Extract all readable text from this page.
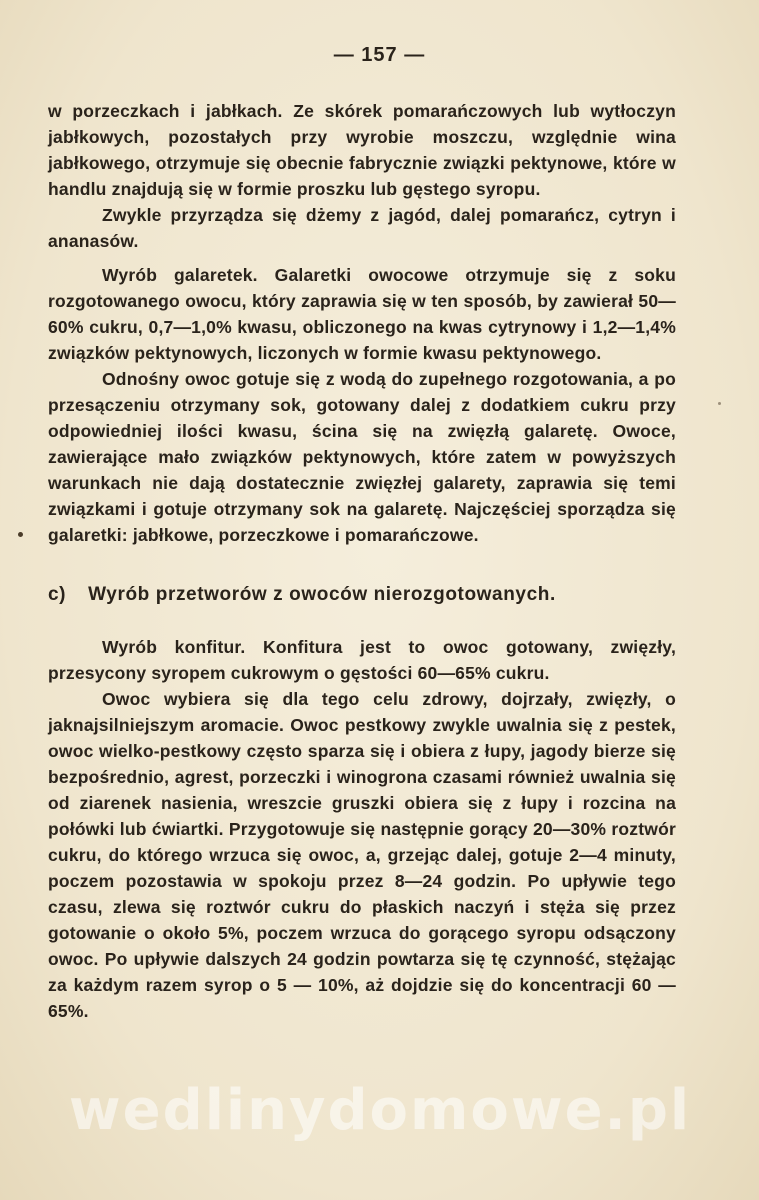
— 157 —

w porzeczkach i jabłkach. Ze skórek pomarańczowych lub wytłoczyn jabłkowych, pozostałych przy wyrobie moszczu, względnie wina jabłkowego, otrzymuje się obecnie fabrycznie związki pektynowe, które w handlu znajdują się w formie proszku lub gęstego syropu.

Zwykle przyrządza się dżemy z jagód, dalej pomarańcz, cytryn i ananasów.

Wyrób galaretek. Galaretki owocowe otrzymuje się z soku rozgotowanego owocu, który zaprawia się w ten sposób, by zawierał 50—60% cukru, 0,7—1,0% kwasu, obliczonego na kwas cytrynowy i 1,2—1,4% związków pektynowych, liczonych w formie kwasu pektynowego.

Odnośny owoc gotuje się z wodą do zupełnego rozgotowania, a po przesączeniu otrzymany sok, gotowany dalej z dodatkiem cukru przy odpowiedniej ilości kwasu, ścina się na zwięzłą galaretę. Owoce, zawierające mało związków pektynowych, które zatem w powyższych warunkach nie dają dostatecznie zwięzłej galarety, zaprawia się temi związkami i gotuje otrzymany sok na galaretę. Najczęściej sporządza się galaretki: jabłkowe, porzeczkowe i pomarańczowe.

c) Wyrób przetworów z owoców nierozgotowanych.

Wyrób konfitur. Konfitura jest to owoc gotowany, zwięzły, przesycony syropem cukrowym o gęstości 60—65% cukru.

Owoc wybiera się dla tego celu zdrowy, dojrzały, zwięzły, o jaknajsilniejszym aromacie. Owoc pestkowy zwykle uwalnia się z pestek, owoc wielko-pestkowy często sparza się i obiera z łupy, jagody bierze się bezpośrednio, agrest, porzeczki i winogrona czasami również uwalnia się od ziarenek nasienia, wreszcie gruszki obiera się z łupy i rozcina na połówki lub ćwiartki. Przygotowuje się następnie gorący 20—30% roztwór cukru, do którego wrzuca się owoc, a, grzejąc dalej, gotuje 2—4 minuty, poczem pozostawia w spokoju przez 8—24 godzin. Po upływie tego czasu, zlewa się roztwór cukru do płaskich naczyń i stęża się przez gotowanie o około 5%, poczem wrzuca do gorącego syropu odsączony owoc. Po upływie dalszych 24 godzin powtarza się tę czynność, stężając za każdym razem syrop o 5 — 10%, aż dojdzie się do koncentracji 60 — 65%.

wedlinydomowe.pl
